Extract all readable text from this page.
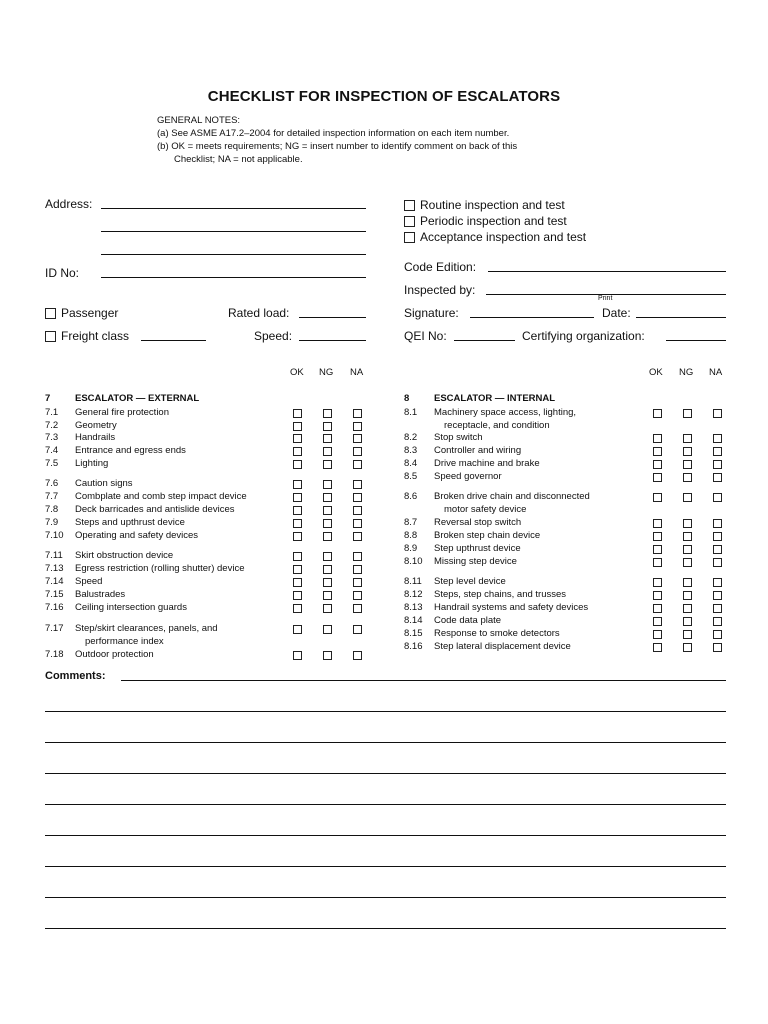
CHECKLIST FOR INSPECTION OF ESCALATORS
GENERAL NOTES:
(a) See ASME A17.2–2004 for detailed inspection information on each item number.
(b) OK = meets requirements; NG = insert number to identify comment on back of this
Checklist; NA = not applicable.
Address:
ID No:
Passenger	Rated load:
Freight class	Speed:
Routine inspection and test
Periodic inspection and test
Acceptance inspection and test
Code Edition:
Inspected by:
Print
Signature:	Date:
QEI No:	Certifying organization:
OK NG NA	OK NG NA
7	ESCALATOR — EXTERNAL	8	ESCALATOR — INTERNAL
7.1 General fire protection
7.2 Geometry
7.3 Handrails
7.4 Entrance and egress ends
7.5 Lighting
7.6 Caution signs
7.7 Combplate and comb step impact device
7.8 Deck barricades and antislide devices
7.9 Steps and upthrust device
7.10 Operating and safety devices
7.11 Skirt obstruction device
7.13 Egress restriction (rolling shutter) device
7.14 Speed
7.15 Balustrades
7.16 Ceiling intersection guards
7.17 Step/skirt clearances, panels, and
performance index
7.18 Outdoor protection
8.1 Machinery space access, lighting,
receptacle, and condition
8.2 Stop switch
8.3 Controller and wiring
8.4 Drive machine and brake
8.5 Speed governor
8.6 Broken drive chain and disconnected
motor safety device
8.7 Reversal stop switch
8.8 Broken step chain device
8.9 Step upthrust device
8.10 Missing step device
8.11 Step level device
8.12 Steps, step chains, and trusses
8.13 Handrail systems and safety devices
8.14 Code data plate
8.15 Response to smoke detectors
8.16 Step lateral displacement device
Comments:
